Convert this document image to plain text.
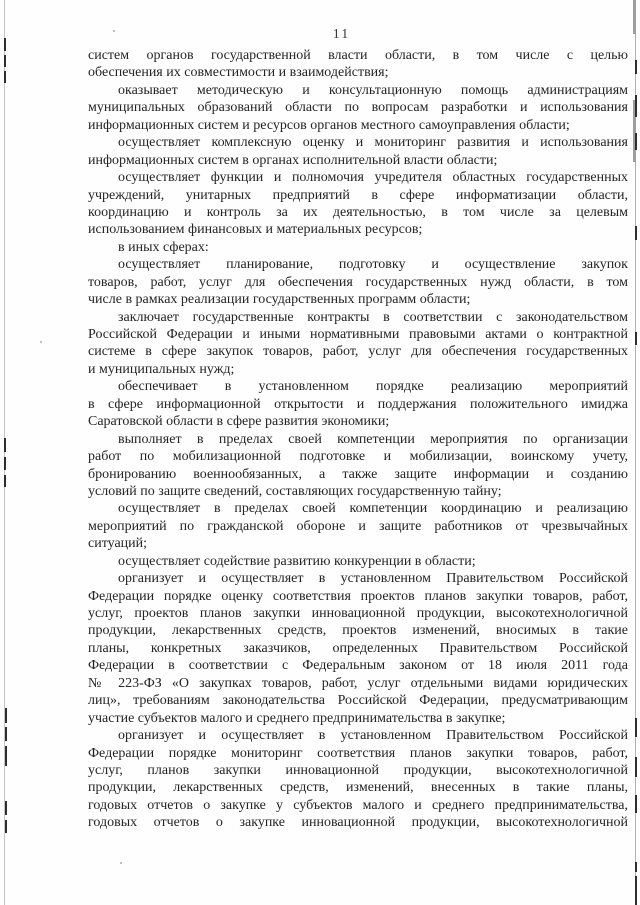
11
систем органов государственной власти области, в том числе с целью
обеспечения их совместимости и взаимодействия;
оказывает методическую и консультационную помощь администрациям
муниципальных образований области по вопросам разработки и использования
информационных систем и ресурсов органов местного самоуправления области;
осуществляет комплексную оценку и мониторинг развития и использования
информационных систем в органах исполнительной власти области;
осуществляет функции и полномочия учредителя областных государственных
учреждений, унитарных предприятий в сфере информатизации области,
координацию и контроль за их деятельностью, в том числе за целевым
использованием финансовых и материальных ресурсов;
в иных сферах:
осуществляет планирование, подготовку и осуществление закупок
товаров, работ, услуг для обеспечения государственных нужд области, в том
числе в рамках реализации государственных программ области;
заключает государственные контракты в соответствии с законодательством
Российской Федерации и иными нормативными правовыми актами о контрактной
системе в сфере закупок товаров, работ, услуг для обеспечения государственных
и муниципальных нужд;
обеспечивает в установленном порядке реализацию мероприятий
в сфере информационной открытости и поддержания положительного имиджа
Саратовской области в сфере развития экономики;
выполняет в пределах своей компетенции мероприятия по организации
работ по мобилизационной подготовке и мобилизации, воинскому учету,
бронированию военнообязанных, а также защите информации и созданию
условий по защите сведений, составляющих государственную тайну;
осуществляет в пределах своей компетенции координацию и реализацию
мероприятий по гражданской обороне и защите работников от чрезвычайных
ситуаций;
осуществляет содействие развитию конкуренции в области;
организует и осуществляет в установленном Правительством Российской
Федерации порядке оценку соответствия проектов планов закупки товаров, работ,
услуг, проектов планов закупки инновационной продукции, высокотехнологичной
продукции, лекарственных средств, проектов изменений, вносимых в такие
планы, конкретных заказчиков, определенных Правительством Российской
Федерации в соответствии с Федеральным законом от 18 июля 2011 года
№ 223-ФЗ «О закупках товаров, работ, услуг отдельными видами юридических
лиц», требованиям законодательства Российской Федерации, предусматривающим
участие субъектов малого и среднего предпринимательства в закупке;
организует и осуществляет в установленном Правительством Российской
Федерации порядке мониторинг соответствия планов закупки товаров, работ,
услуг, планов закупки инновационной продукции, высокотехнологичной
продукции, лекарственных средств, изменений, внесенных в такие планы,
годовых отчетов о закупке у субъектов малого и среднего предпринимательства,
годовых отчетов о закупке инновационной продукции, высокотехнологичной
